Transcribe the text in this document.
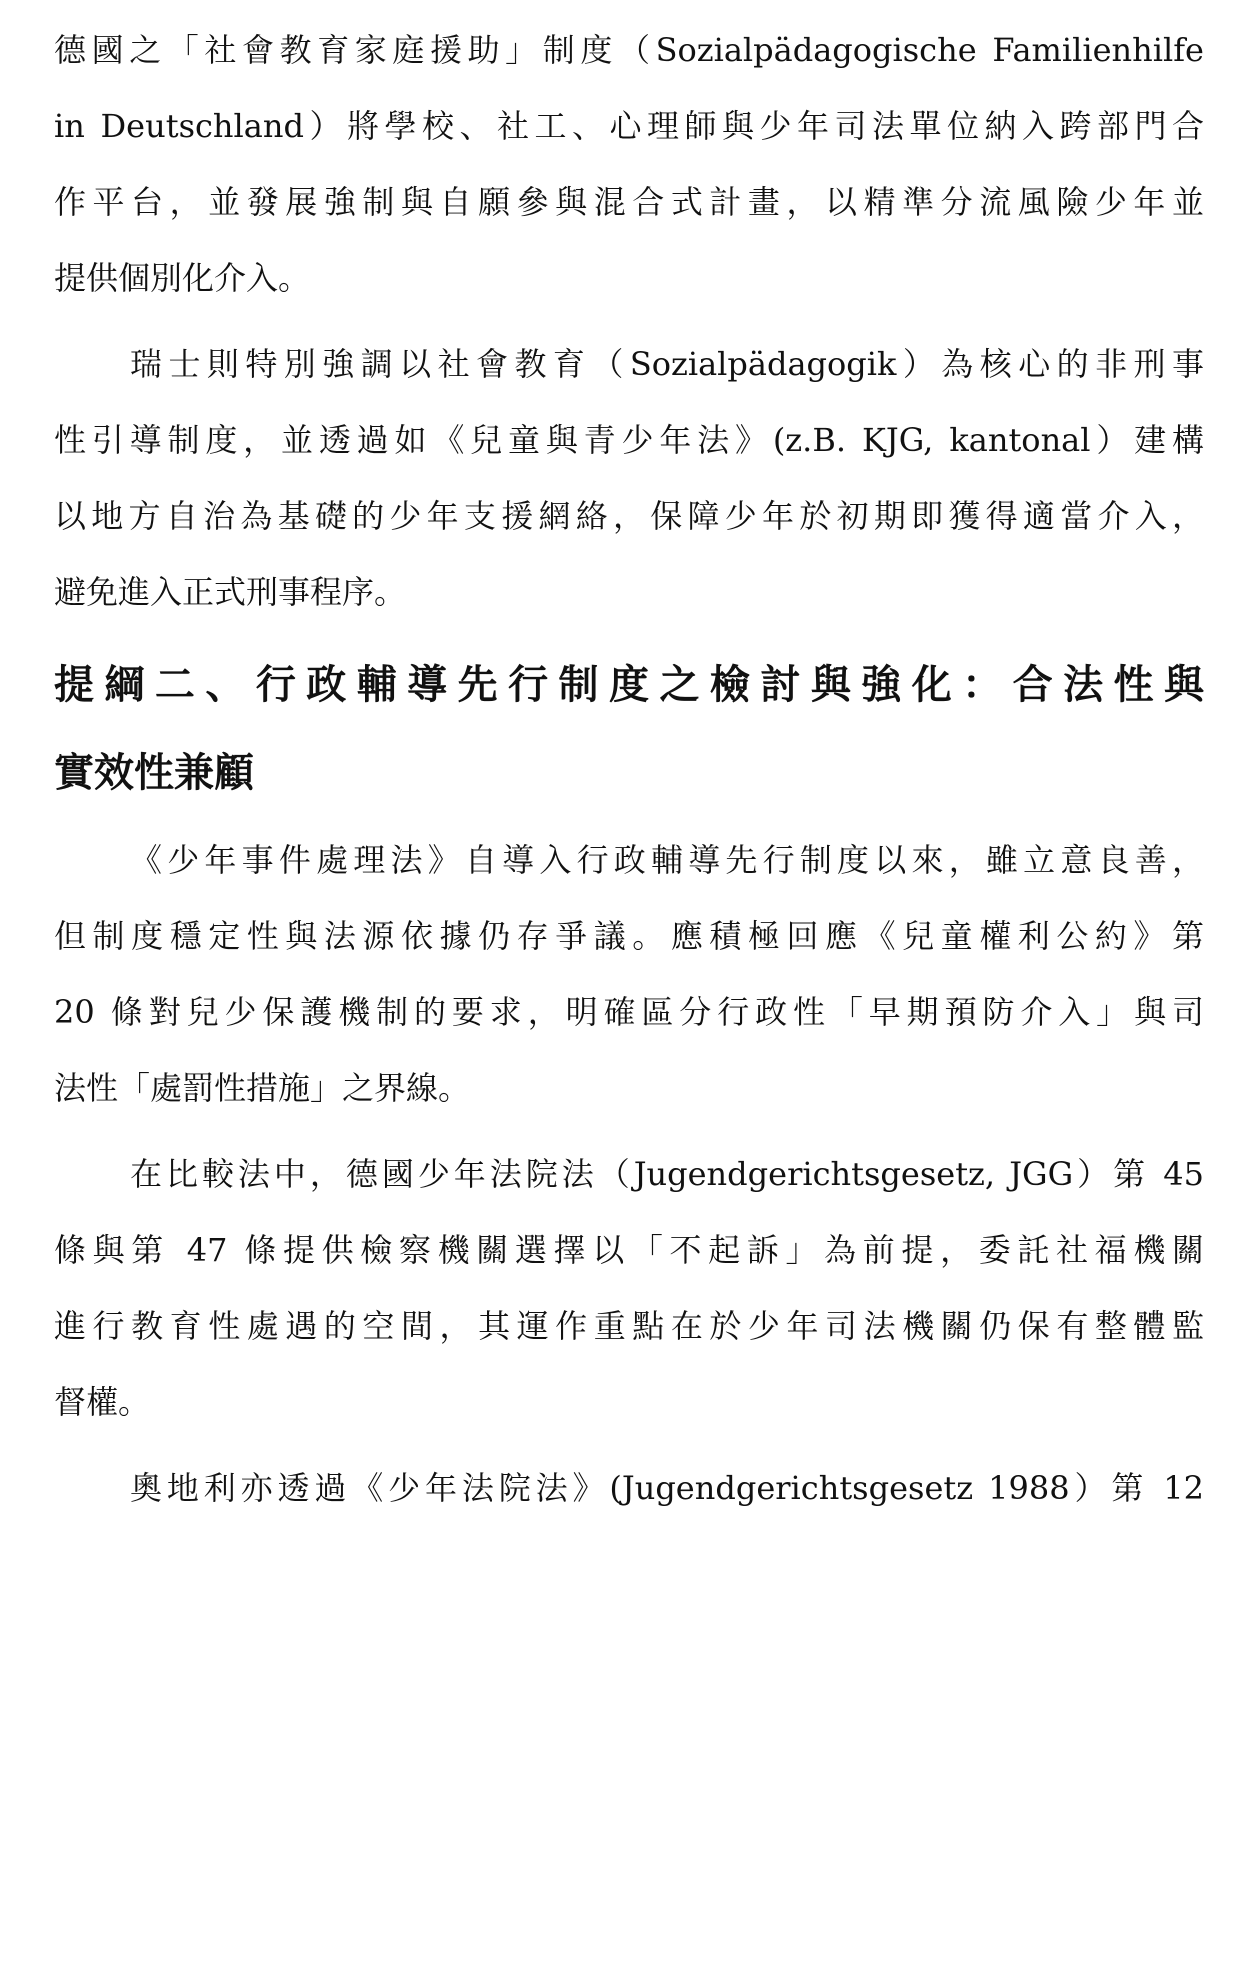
德國之「社會教育家庭援助」制度（Sozialpädagogische Familienhilfe
in Deutschland）將學校、社工、心理師與少年司法單位納入跨部門合
作平台，並發展強制與自願參與混合式計畫，以精準分流風險少年並
提供個別化介入。
瑞士則特別強調以社會教育（Sozialpädagogik）為核心的非刑事
性引導制度，並透過如《兒童與青少年法》(z.B. KJG, kantonal）建構
以地方自治為基礎的少年支援網絡，保障少年於初期即獲得適當介入，
避免進入正式刑事程序。
提綱二、行政輔導先行制度之檢討與強化：合法性與
實效性兼顧
《少年事件處理法》自導入行政輔導先行制度以來，雖立意良善，
但制度穩定性與法源依據仍存爭議。應積極回應《兒童權利公約》第
20 條對兒少保護機制的要求，明確區分行政性「早期預防介入」與司
法性「處罰性措施」之界線。
在比較法中，德國少年法院法（Jugendgerichtsgesetz, JGG）第 45
條與第 47 條提供檢察機關選擇以「不起訴」為前提，委託社福機關
進行教育性處遇的空間，其運作重點在於少年司法機關仍保有整體監
督權。
奧地利亦透過《少年法院法》(Jugendgerichtsgesetz 1988）第 12
